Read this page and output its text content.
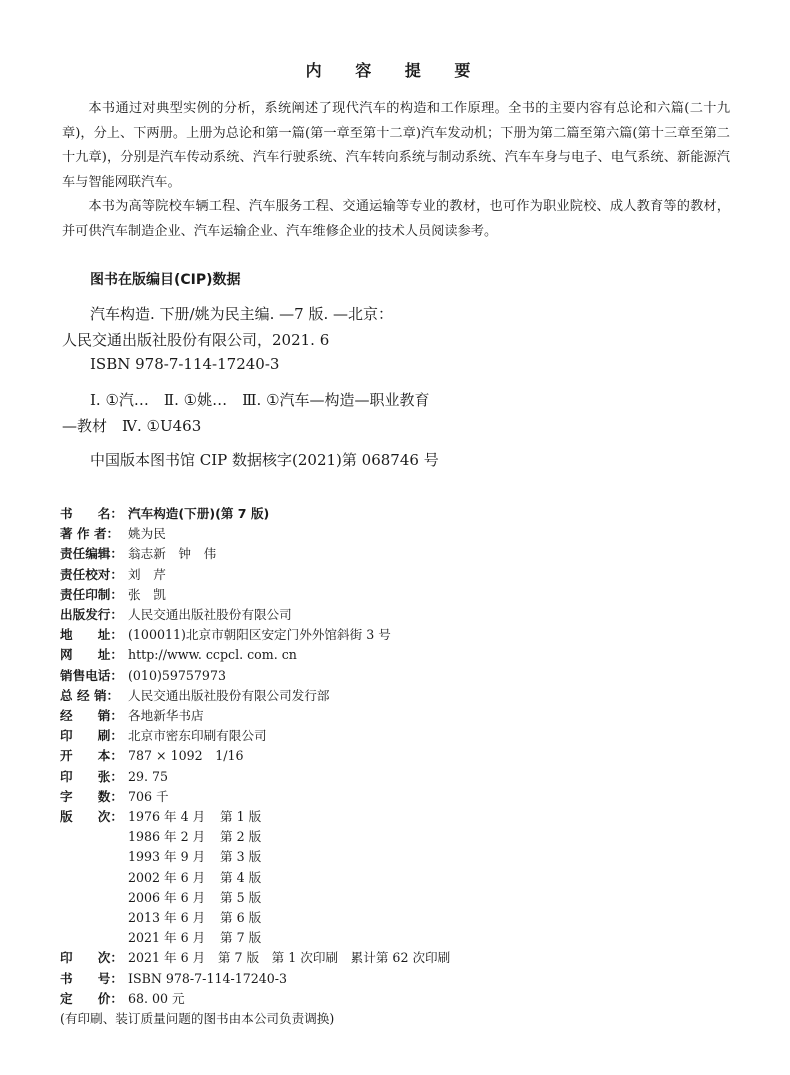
内 容 提 要

本书通过对典型实例的分析，系统阐述了现代汽车的构造和工作原理。全书的主要内容有总论和六篇(二十九章)，分上、下两册。上册为总论和第一篇(第一章至第十二章)汽车发动机；下册为第二篇至第六篇(第十三章至第二十九章)，分别是汽车传动系统、汽车行驶系统、汽车转向系统与制动系统、汽车车身与电子、电气系统、新能源汽车与智能网联汽车。

本书为高等院校车辆工程、汽车服务工程、交通运输等专业的教材，也可作为职业院校、成人教育等的教材，并可供汽车制造企业、汽车运输企业、汽车维修企业的技术人员阅读参考。

图书在版编目(CIP)数据
汽车构造. 下册/姚为民主编. —7 版. —北京：
人民交通出版社股份有限公司，2021. 6
ISBN 978-7-114-17240-3
Ⅰ. ①汽…　Ⅱ. ①姚…　Ⅲ. ①汽车—构造—职业教育
—教材　Ⅳ. ①U463
中国版本图书馆 CIP 数据核字(2021)第 068746 号
书　　名： 汽车构造(下册)(第 7 版)
著 作 者： 姚为民
责任编辑： 翁志新　钟　伟
责任校对： 刘　芹
责任印制： 张　凯
出版发行： 人民交通出版社股份有限公司
地　　址： (100011)北京市朝阳区安定门外外馆斜街 3 号
网　　址： http://www. ccpcl. com. cn
销售电话： (010)59757973
总 经 销： 人民交通出版社股份有限公司发行部
经　　销： 各地新华书店
印　　刷： 北京市密东印刷有限公司
开　　本： 787 × 1092　1/16
印　　张： 29. 75
字　　数： 706 千
版　　次： 1976 年 4 月	第 1 版
1986 年 2 月	第 2 版
1993 年 9 月	第 3 版
2002 年 6 月	第 4 版
2006 年 6 月	第 5 版
2013 年 6 月	第 6 版
2021 年 6 月	第 7 版
印　　次： 2021 年 6 月　第 7 版　第 1 次印刷　累计第 62 次印刷
书　　号： ISBN 978-7-114-17240-3
定　　价： 68. 00 元
(有印刷、装订质量问题的图书由本公司负责调换)
